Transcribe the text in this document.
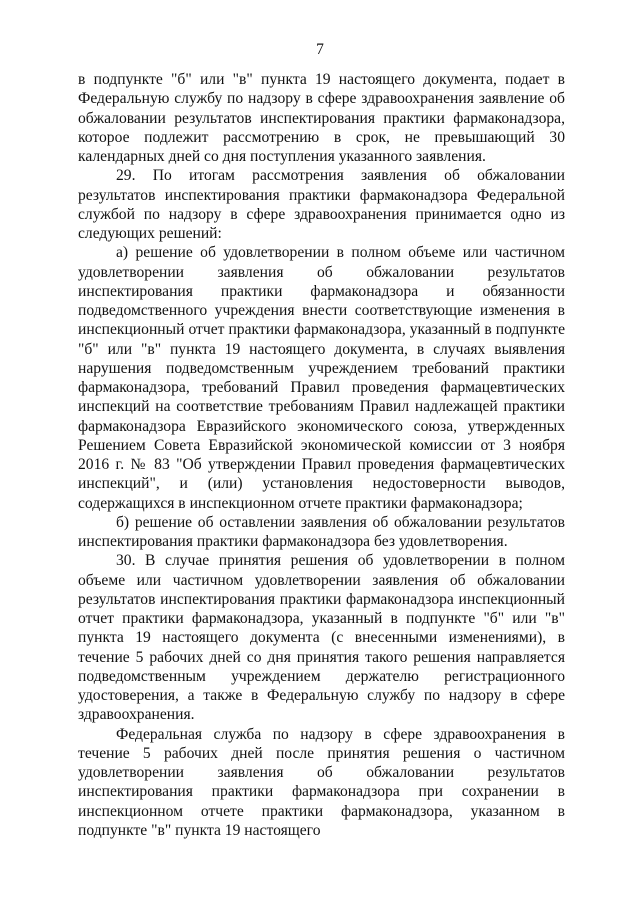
7

в подпункте "б" или "в" пункта 19 настоящего документа, подает в Федеральную службу по надзору в сфере здравоохранения заявление об обжаловании результатов инспектирования практики фармаконадзора, которое подлежит рассмотрению в срок, не превышающий 30 календарных дней со дня поступления указанного заявления.

29. По итогам рассмотрения заявления об обжаловании результатов инспектирования практики фармаконадзора Федеральной службой по надзору в сфере здравоохранения принимается одно из следующих решений:

а) решение об удовлетворении в полном объеме или частичном удовлетворении заявления об обжаловании результатов инспектирования практики фармаконадзора и обязанности подведомственного учреждения внести соответствующие изменения в инспекционный отчет практики фармаконадзора, указанный в подпункте "б" или "в" пункта 19 настоящего документа, в случаях выявления нарушения подведомственным учреждением требований практики фармаконадзора, требований Правил проведения фармацевтических инспекций на соответствие требованиям Правил надлежащей практики фармаконадзора Евразийского экономического союза, утвержденных Решением Совета Евразийской экономической комиссии от 3 ноября 2016 г. № 83 "Об утверждении Правил проведения фармацевтических инспекций", и (или) установления недостоверности выводов, содержащихся в инспекционном отчете практики фармаконадзора;

б) решение об оставлении заявления об обжаловании результатов инспектирования практики фармаконадзора без удовлетворения.

30. В случае принятия решения об удовлетворении в полном объеме или частичном удовлетворении заявления об обжаловании результатов инспектирования практики фармаконадзора инспекционный отчет практики фармаконадзора, указанный в подпункте "б" или "в" пункта 19 настоящего документа (с внесенными изменениями), в течение 5 рабочих дней со дня принятия такого решения направляется подведомственным учреждением держателю регистрационного удостоверения, а также в Федеральную службу по надзору в сфере здравоохранения.

Федеральная служба по надзору в сфере здравоохранения в течение 5 рабочих дней после принятия решения о частичном удовлетворении заявления об обжаловании результатов инспектирования практики фармаконадзора при сохранении в инспекционном отчете практики фармаконадзора, указанном в подпункте "в" пункта 19 настоящего
